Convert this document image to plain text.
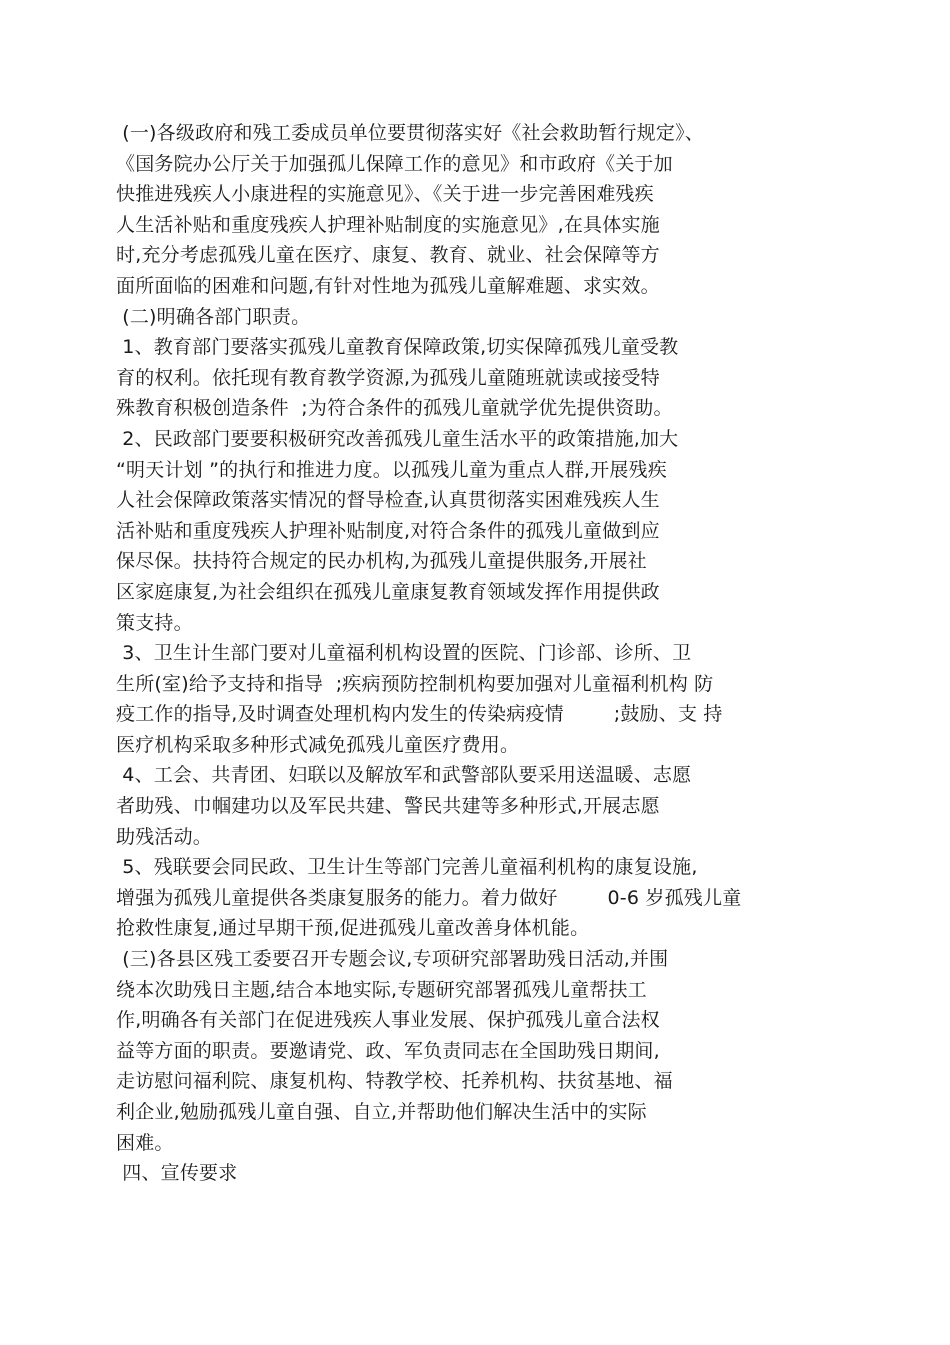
(一)各级政府和残工委成员单位要贯彻落实好《社会救助暂行规定》、
《国务院办公厅关于加强孤儿保障工作的意见》和市政府《关于加
快推进残疾人小康进程的实施意见》、《关于进一步完善困难残疾
人生活补贴和重度残疾人护理补贴制度的实施意见》,在具体实施
时,充分考虑孤残儿童在医疗、康复、教育、就业、社会保障等方
面所面临的困难和问题,有针对性地为孤残儿童解难题、求实效。
(二)明确各部门职责。
1、教育部门要落实孤残儿童教育保障政策,切实保障孤残儿童受教
育的权利。依托现有教育教学资源,为孤残儿童随班就读或接受特
殊教育积极创造条件  ;为符合条件的孤残儿童就学优先提供资助。
2、民政部门要要积极研究改善孤残儿童生活水平的政策措施,加大
“明天计划 ”的执行和推进力度。以孤残儿童为重点人群,开展残疾
人社会保障政策落实情况的督导检查,认真贯彻落实困难残疾人生
活补贴和重度残疾人护理补贴制度,对符合条件的孤残儿童做到应
保尽保。扶持符合规定的民办机构,为孤残儿童提供服务,开展社
区家庭康复,为社会组织在孤残儿童康复教育领域发挥作用提供政
策支持。
3、卫生计生部门要对儿童福利机构设置的医院、门诊部、诊所、卫
生所(室)给予支持和指导  ;疾病预防控制机构要加强对儿童福利机构 防
疫工作的指导,及时调查处理机构内发生的传染病疫情        ;鼓励、支 持
医疗机构采取多种形式减免孤残儿童医疗费用。
4、工会、共青团、妇联以及解放军和武警部队要采用送温暖、志愿
者助残、巾帼建功以及军民共建、警民共建等多种形式,开展志愿
助残活动。
5、残联要会同民政、卫生计生等部门完善儿童福利机构的康复设施,
增强为孤残儿童提供各类康复服务的能力。着力做好        0-6 岁孤残儿童
抢救性康复,通过早期干预,促进孤残儿童改善身体机能。
(三)各县区残工委要召开专题会议,专项研究部署助残日活动,并围
绕本次助残日主题,结合本地实际,专题研究部署孤残儿童帮扶工
作,明确各有关部门在促进残疾人事业发展、保护孤残儿童合法权
益等方面的职责。要邀请党、政、军负责同志在全国助残日期间,
走访慰问福利院、康复机构、特教学校、托养机构、扶贫基地、福
利企业,勉励孤残儿童自强、自立,并帮助他们解决生活中的实际
困难。
四、宣传要求
